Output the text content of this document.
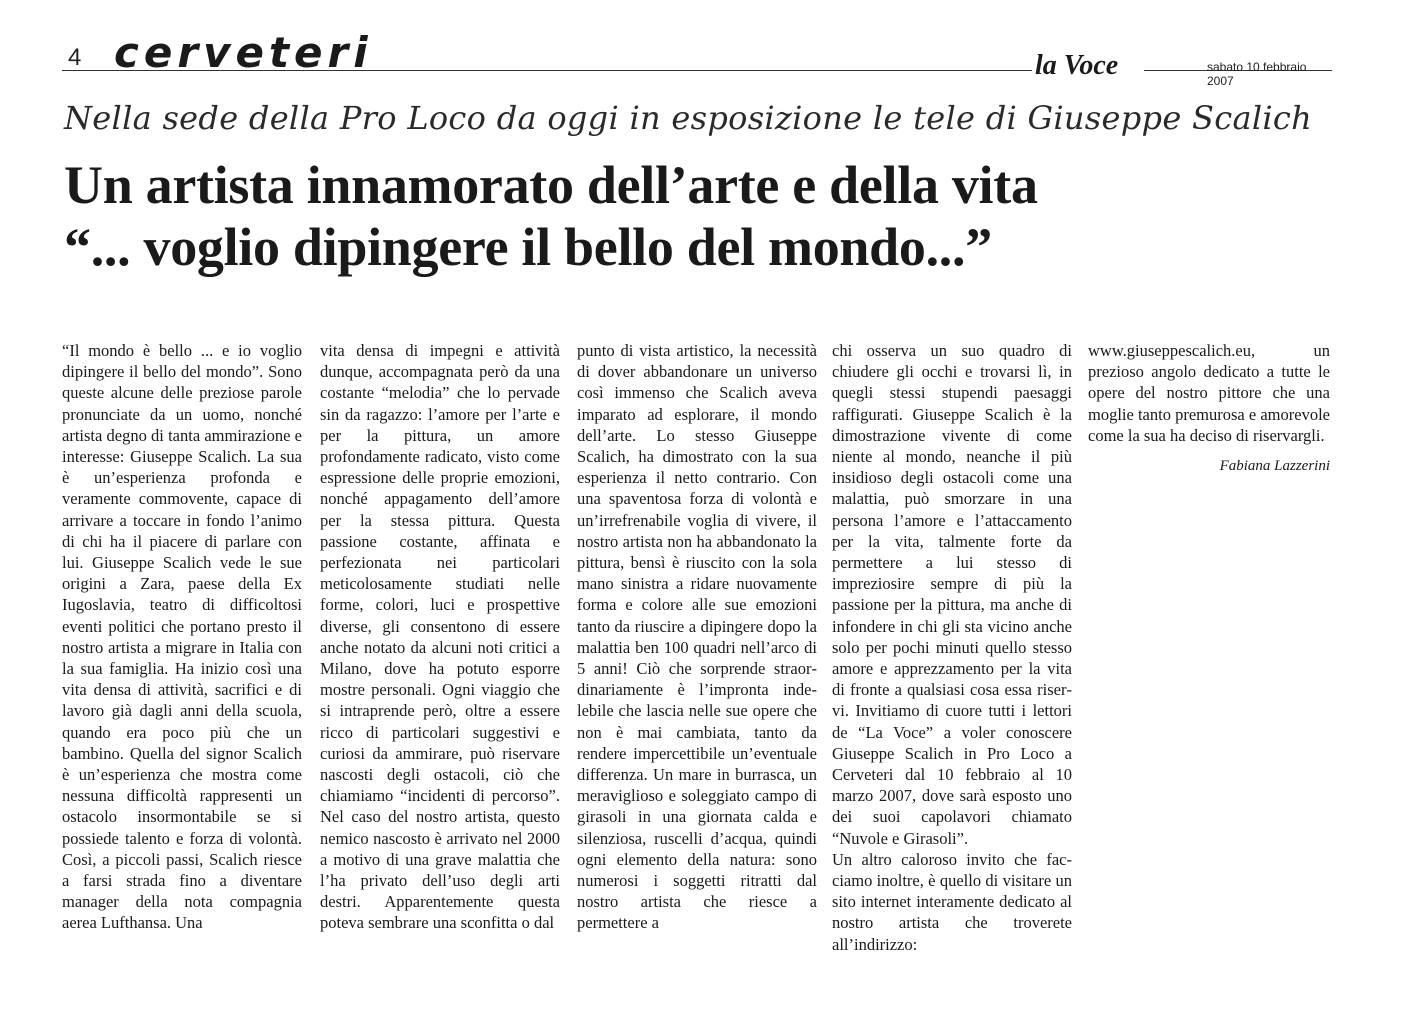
4 cerveteri	la Voce	sabato 10 febbraio 2007
Nella sede della Pro Loco da oggi in esposizione le tele di Giuseppe Scalich
Un artista innamorato dell’arte e della vita
“... voglio dipingere il bello del mondo...”

“Il mondo è bello ... e io voglio dipingere il bello del mondo”. Sono queste alcune delle preziose parole pronunciate da un uomo, nonché artista degno di tanta ammirazione e interesse: Giuseppe Scalich. La sua è un’esperienza profonda e veramente commovente, capace di arrivare a toccare in fondo l’animo di chi ha il piacere di parlare con lui. Giuseppe Scalich vede le sue origini a Zara, paese della Ex Iugoslavia, teatro di difficoltosi eventi politici che portano presto il nostro artista a migrare in Italia con la sua famiglia. Ha inizio così una vita densa di attività, sacrifici e di lavoro già dagli anni della scuola, quando era poco più che un bambino. Quella del signor Scalich è un’esperienza che mostra come nessuna difficoltà rappresenti un ostacolo insormontabile se si possiede talento e forza di volontà. Così, a piccoli passi, Scalich riesce a farsi strada fino a diventare manager della nota compagnia aerea Lufthansa. Una

vita densa di impegni e attività dunque, accompagnata però da una costante “melodia” che lo pervade sin da ragazzo: l’amore per l’arte e per la pittura, un amore profondamente radicato, visto come espressione delle proprie emozioni, nonché appagamento dell’amore per la stessa pittura. Questa passione costante, affinata e perfezionata nei particolari meticolosamente studiati nelle forme, colori, luci e prospettive diverse, gli consentono di essere anche notato da alcuni noti critici a Milano, dove ha potuto esporre mostre personali. Ogni viaggio che si intraprende però, oltre a essere ricco di particolari suggestivi e curiosi da ammirare, può riservare nascosti degli ostacoli, ciò che chiamiamo “incidenti di percorso”. Nel caso del nostro artista, questo nemico nascosto è arrivato nel 2000 a motivo di una grave malattia che l’ha privato dell’uso degli arti destri. Apparentemente questa poteva sembrare una sconfitta o dal

punto di vista artistico, la necessità di dover abbandonare un universo così immenso che Scalich aveva imparato ad esplorare, il mondo dell’arte. Lo stesso Giuseppe Scalich, ha dimostrato con la sua esperienza il netto contrario. Con una spaventosa forza di volontà e un’irrefrenabile voglia di vivere, il nostro artista non ha abbandonato la pittura, bensì è riuscito con la sola mano sinistra a ridare nuovamente forma e colore alle sue emozioni tanto da riuscire a dipingere dopo la malattia ben 100 quadri nell’arco di 5 anni! Ciò che sorprende straordinariamente è l’impronta indelebile che lascia nelle sue opere che non è mai cambiata, tanto da rendere impercettibile un’eventuale differenza. Un mare in burrasca, un meraviglioso e soleggiato campo di girasoli in una giornata calda e silenziosa, ruscelli d’acqua, quindi ogni elemento della natura: sono numerosi i soggetti ritratti dal nostro artista che riesce a permettere a

chi osserva un suo quadro di chiudere gli occhi e trovarsi lì, in quegli stessi stupendi paesaggi raffigurati. Giuseppe Scalich è la dimostrazione vivente di come niente al mondo, neanche il più insidioso degli ostacoli come una malattia, può smorzare in una persona l’amore e l’attaccamento per la vita, talmente forte da permettere a lui stesso di impreziosire sempre di più la passione per la pittura, ma anche di infondere in chi gli sta vicino anche solo per pochi minuti quello stesso amore e apprezzamento per la vita di fronte a qualsiasi cosa essa riservi. Invitiamo di cuore tutti i lettori de “La Voce” a voler conoscere Giuseppe Scalich in Pro Loco a Cerveteri dal 10 febbraio al 10 marzo 2007, dove sarà esposto uno dei suoi capolavori chiamato “Nuvole e Girasoli”.
Un altro caloroso invito che facciamo inoltre, è quello di visitare un sito internet interamente dedicato al nostro artista che troverete all’indirizzo:

www.giuseppescalich.eu, un prezioso angolo dedicato a tutte le opere del nostro pittore che una moglie tanto premurosa e amorevole come la sua ha deciso di riservargli.

Fabiana Lazzerini
